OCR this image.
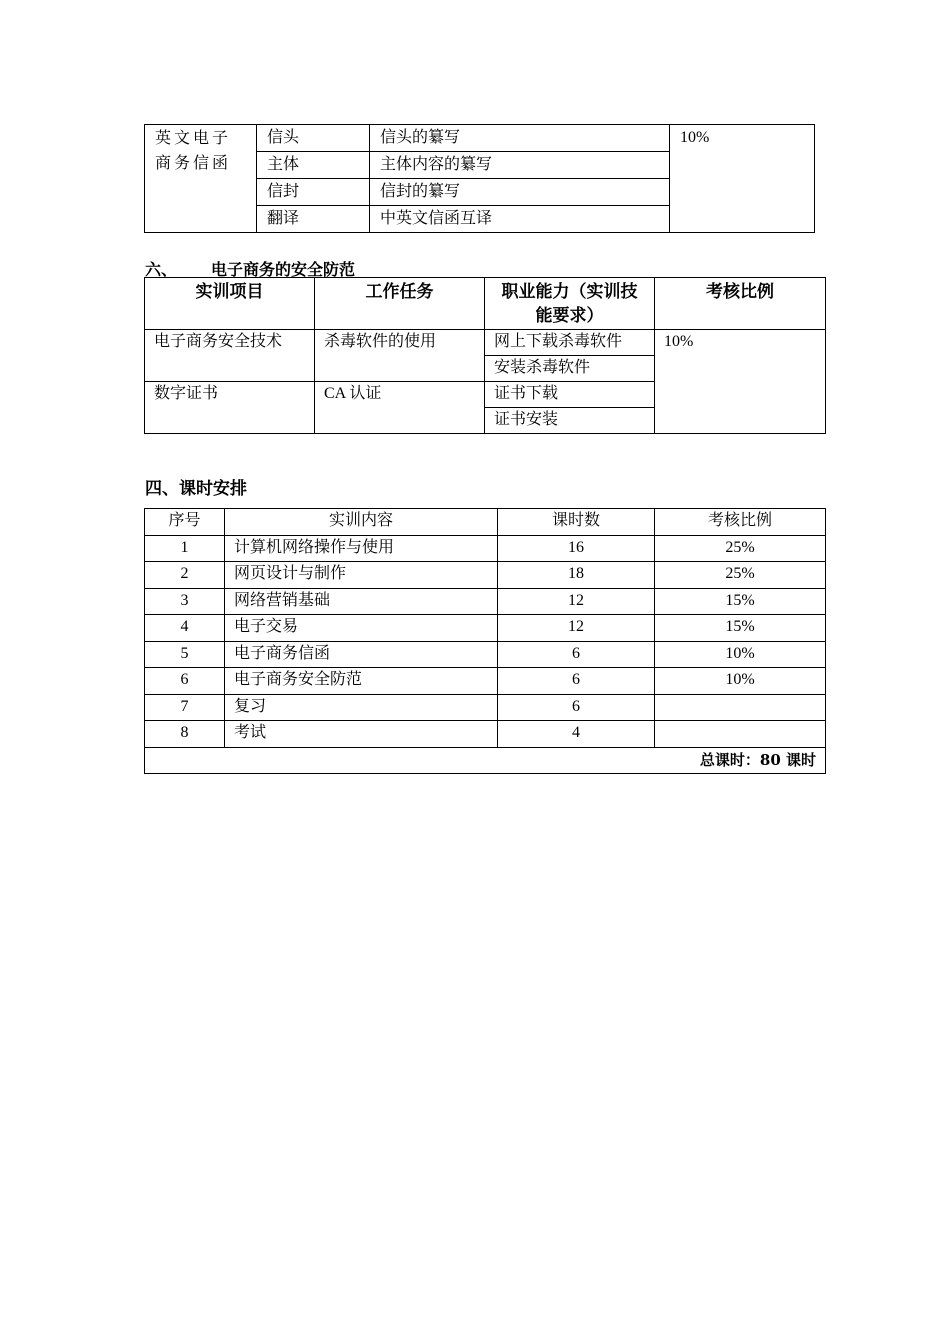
英文电子商务信函	信头	信头的纂写	10%
	主体	主体内容的纂写	
	信封	信封的纂写	
	翻译	中英文信函互译	
六、 电子商务的安全防范
实训项目	工作任务	职业能力（实训技能要求）	考核比例
电子商务安全技术	杀毒软件的使用	网上下载杀毒软件	10%
		安装杀毒软件	
数字证书	CA 认证	证书下载	
		证书安装	
四、课时安排
序号	实训内容	课时数	考核比例
1	计算机网络操作与使用	16	25%
2	网页设计与制作	18	25%
3	网络营销基础	12	15%
4	电子交易	12	15%
5	电子商务信函	6	10%
6	电子商务安全防范	6	10%
7	复习	6	
8	考试	4	
总课时：80 课时			
